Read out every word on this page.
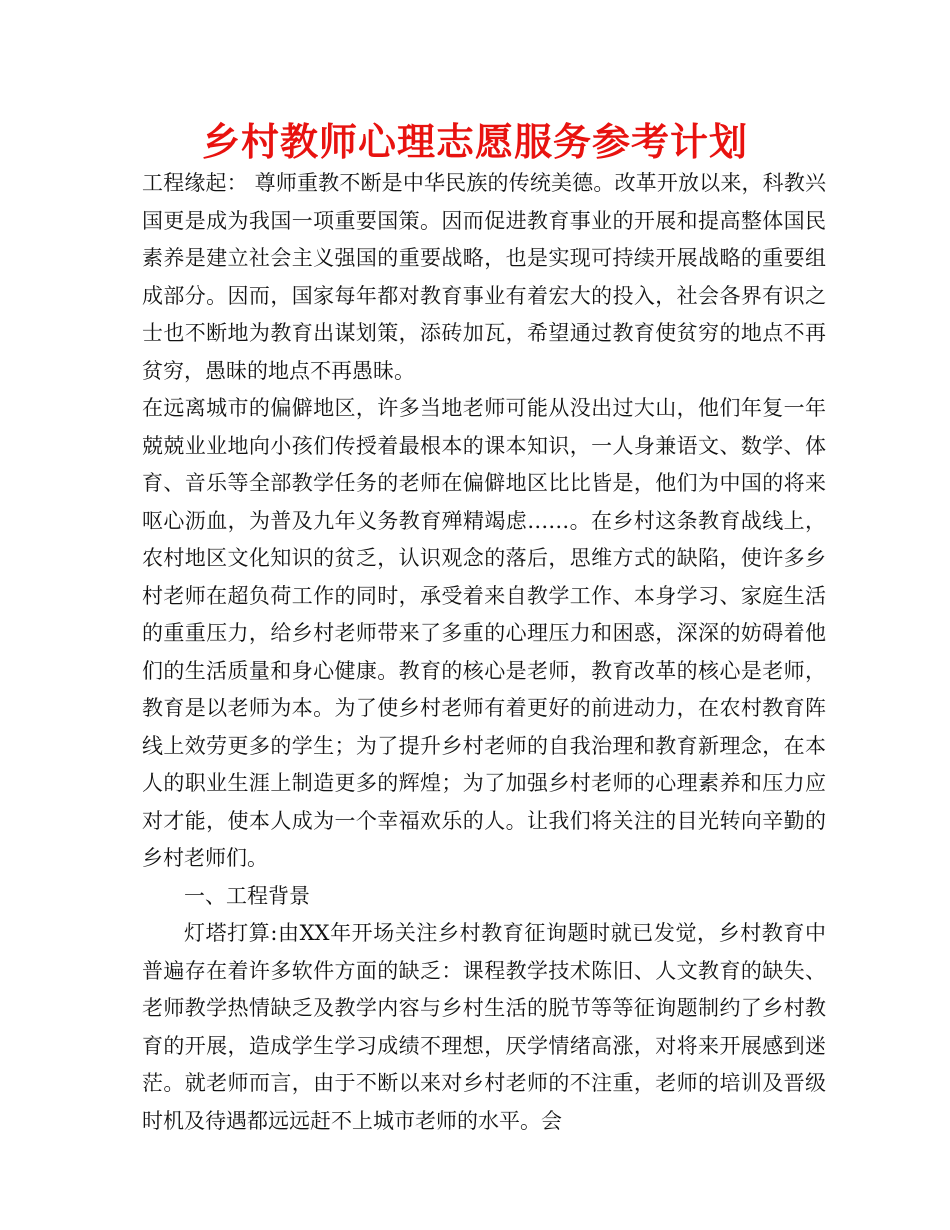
乡村教师心理志愿服务参考计划

工程缘起： 尊师重教不断是中华民族的传统美德。改革开放以来，科教兴国更是成为我国一项重要国策。因而促进教育事业的开展和提高整体国民素养是建立社会主义强国的重要战略，也是实现可持续开展战略的重要组成部分。因而，国家每年都对教育事业有着宏大的投入，社会各界有识之士也不断地为教育出谋划策，添砖加瓦，希望通过教育使贫穷的地点不再贫穷，愚昧的地点不再愚昧。

在远离城市的偏僻地区，许多当地老师可能从没出过大山，他们年复一年兢兢业业地向小孩们传授着最根本的课本知识，一人身兼语文、数学、体育、音乐等全部教学任务的老师在偏僻地区比比皆是，他们为中国的将来呕心沥血，为普及九年义务教育殚精竭虑……。在乡村这条教育战线上，农村地区文化知识的贫乏，认识观念的落后，思维方式的缺陷，使许多乡村老师在超负荷工作的同时，承受着来自教学工作、本身学习、家庭生活的重重压力，给乡村老师带来了多重的心理压力和困惑，深深的妨碍着他们的生活质量和身心健康。教育的核心是老师，教育改革的核心是老师，教育是以老师为本。为了使乡村老师有着更好的前进动力，在农村教育阵线上效劳更多的学生；为了提升乡村老师的自我治理和教育新理念，在本人的职业生涯上制造更多的辉煌；为了加强乡村老师的心理素养和压力应对才能，使本人成为一个幸福欢乐的人。让我们将关注的目光转向辛勤的乡村老师们。

一、工程背景

灯塔打算:由XX年开场关注乡村教育征询题时就已发觉，乡村教育中普遍存在着许多软件方面的缺乏：课程教学技术陈旧、人文教育的缺失、老师教学热情缺乏及教学内容与乡村生活的脱节等等征询题制约了乡村教育的开展，造成学生学习成绩不理想，厌学情绪高涨，对将来开展感到迷茫。就老师而言，由于不断以来对乡村老师的不注重，老师的培训及晋级时机及待遇都远远赶不上城市老师的水平。会
